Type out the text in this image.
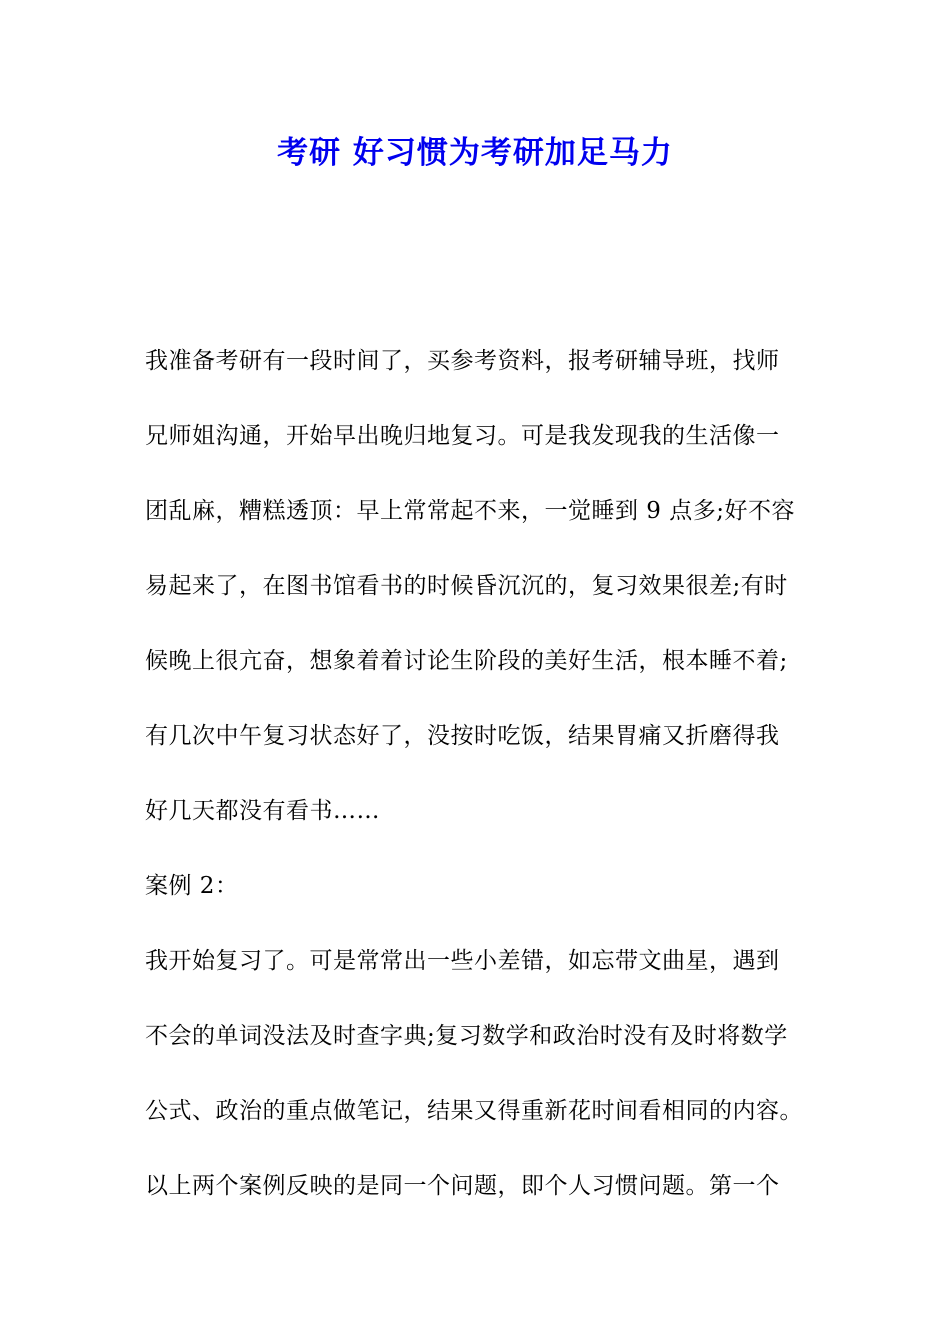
考研 好习惯为考研加足马力

我准备考研有一段时间了，买参考资料，报考研辅导班，找师

兄师姐沟通，开始早出晚归地复习。可是我发现我的生活像一

团乱麻，糟糕透顶：早上常常起不来，一觉睡到 9 点多;好不容

易起来了，在图书馆看书的时候昏沉沉的，复习效果很差;有时

候晚上很亢奋，想象着着讨论生阶段的美好生活，根本睡不着;

有几次中午复习状态好了，没按时吃饭，结果胃痛又折磨得我

好几天都没有看书……

案例 2：

我开始复习了。可是常常出一些小差错，如忘带文曲星，遇到

不会的单词没法及时查字典;复习数学和政治时没有及时将数学

公式、政治的重点做笔记，结果又得重新花时间看相同的内容。

以上两个案例反映的是同一个问题，即个人习惯问题。第一个
